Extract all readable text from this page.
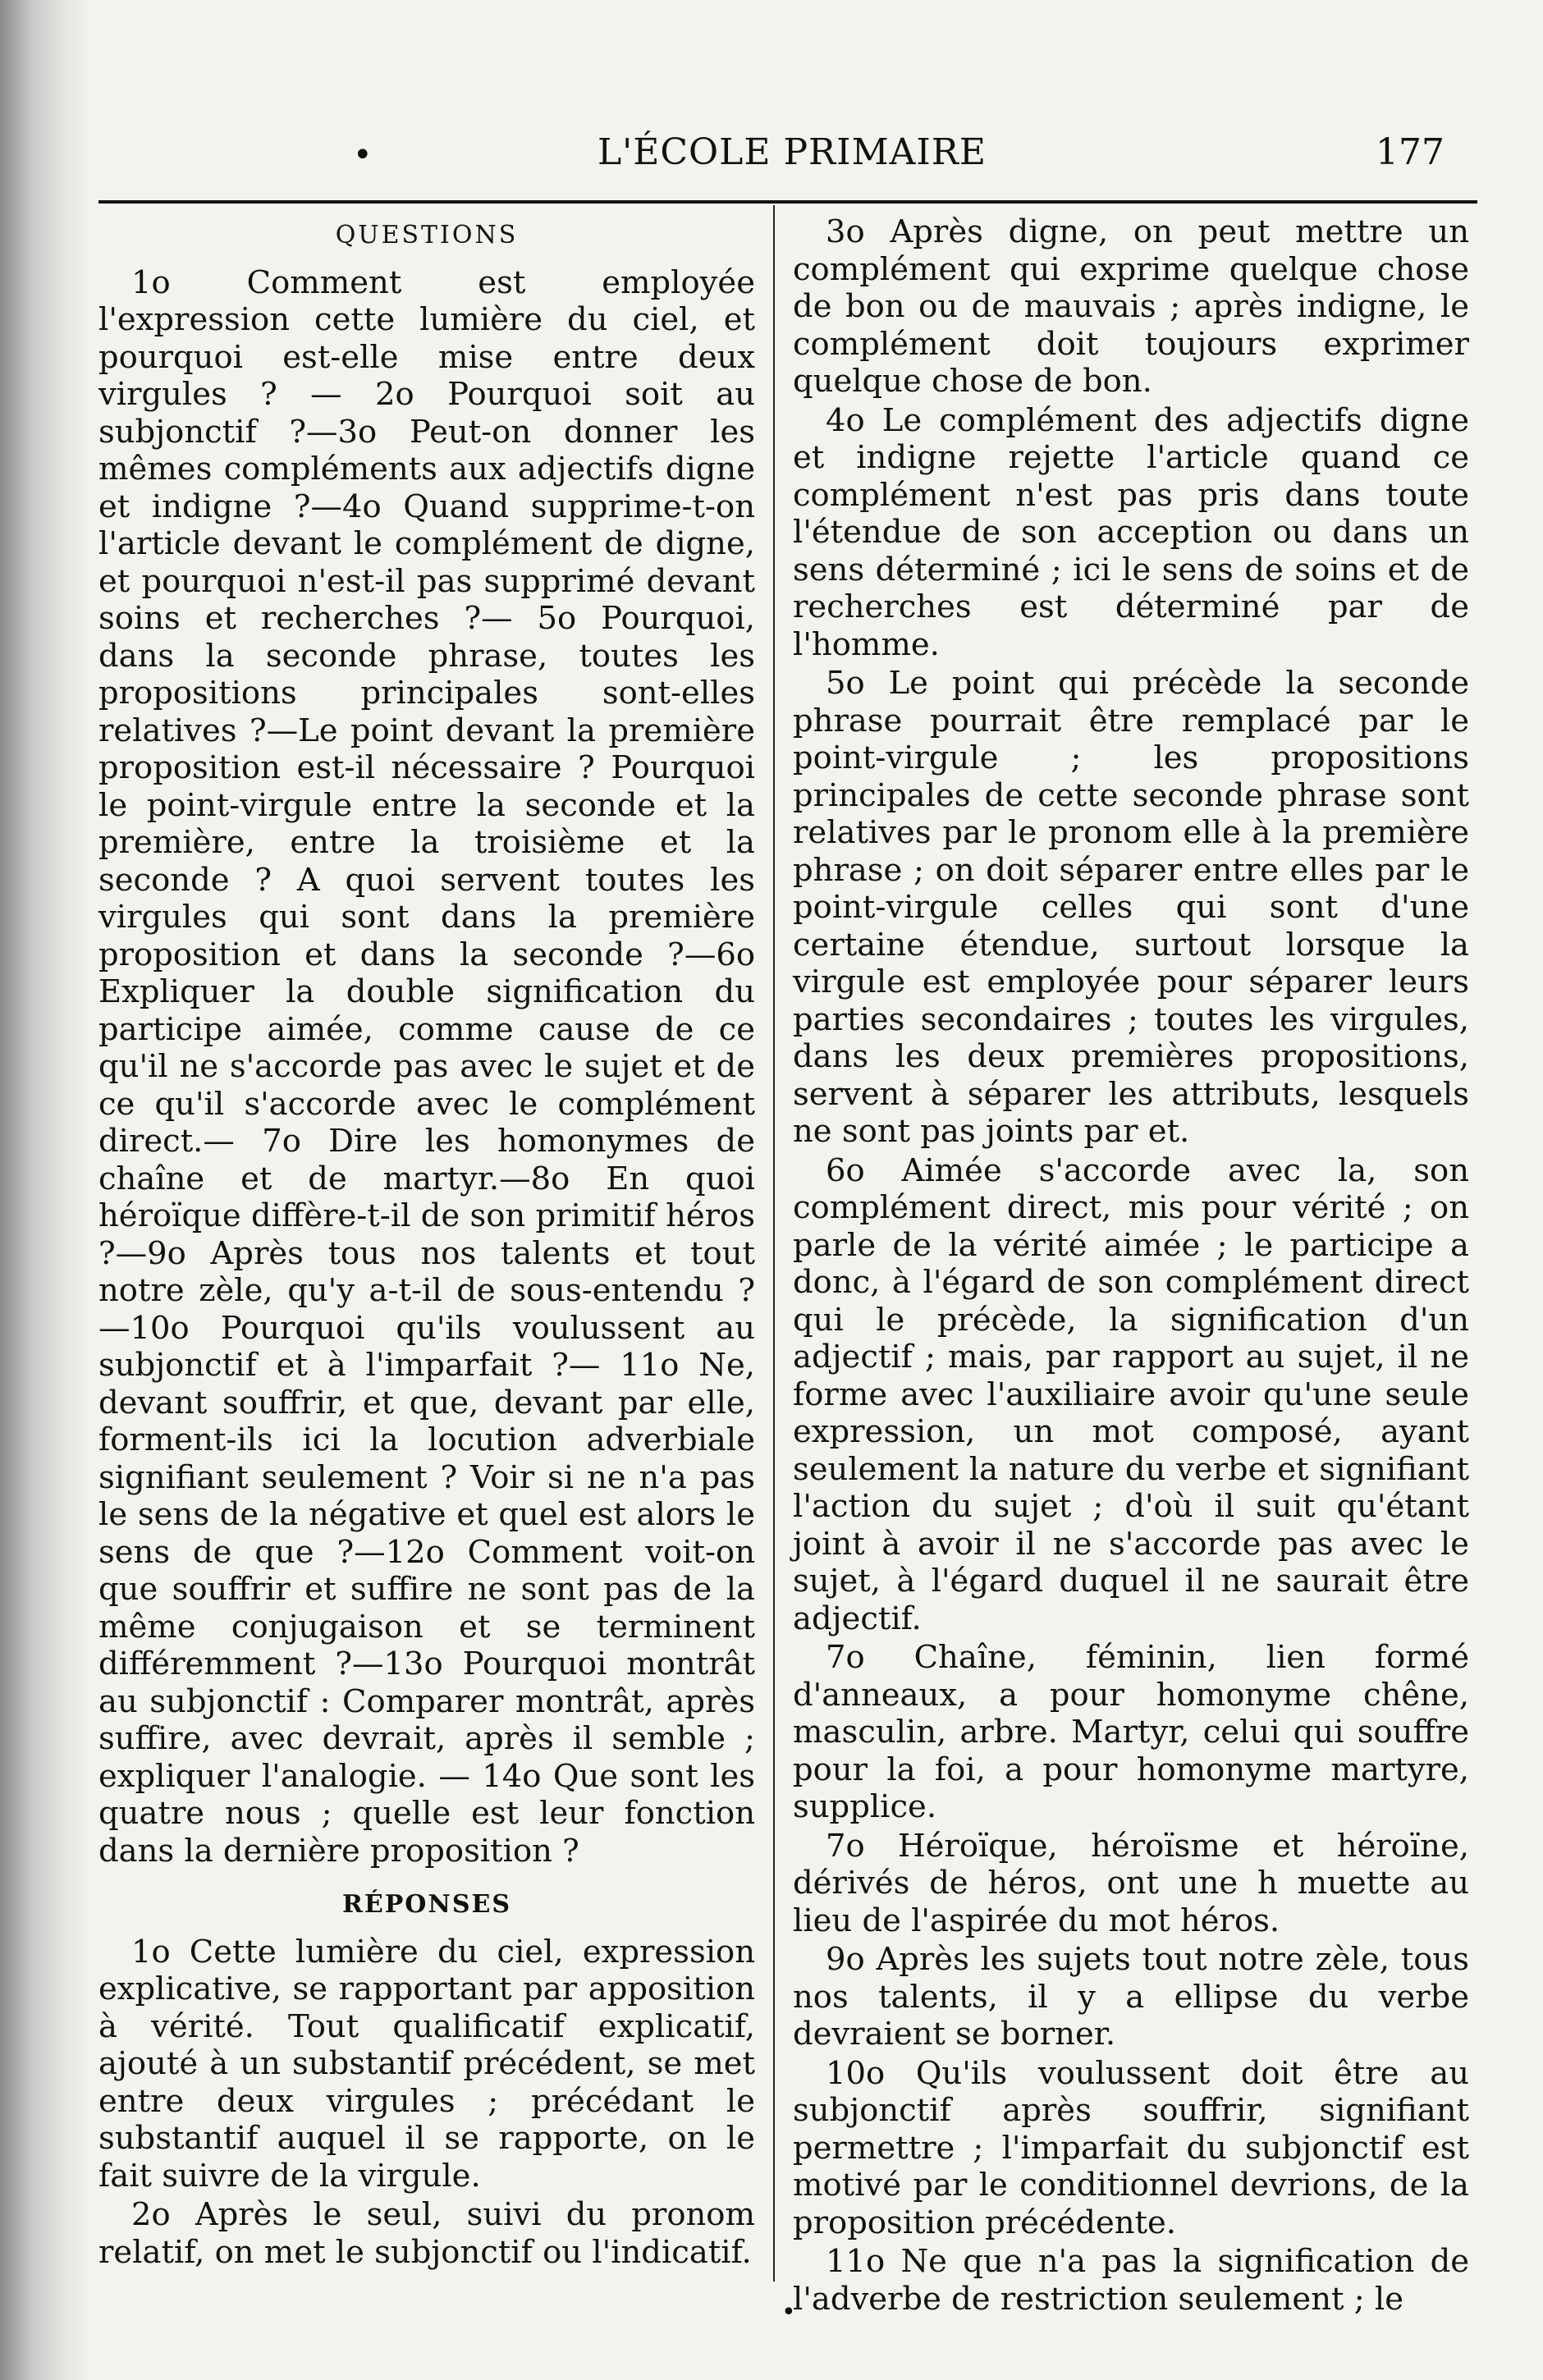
•	L'ÉCOLE PRIMAIRE	177
QUESTIONS

1o Comment est employée l'expression cette lumière du ciel, et pourquoi est-elle mise entre deux virgules ? — 2o Pourquoi soit au subjonctif ?—3o Peut-on donner les mêmes compléments aux adjectifs digne et indigne ?—4o Quand supprime-t-on l'article devant le complément de digne, et pourquoi n'est-il pas supprimé devant soins et recherches ?— 5o Pourquoi, dans la seconde phrase, toutes les propositions principales sont-elles relatives ?—Le point devant la première proposition est-il nécessaire ? Pourquoi le point-virgule entre la seconde et la première, entre la troisième et la seconde ? A quoi servent toutes les virgules qui sont dans la première proposition et dans la seconde ?—6o Expliquer la double signification du participe aimée, comme cause de ce qu'il ne s'accorde pas avec le sujet et de ce qu'il s'accorde avec le complément direct.— 7o Dire les homonymes de chaîne et de martyr.—8o En quoi héroïque diffère-t-il de son primitif héros ?—9o Après tous nos talents et tout notre zèle, qu'y a-t-il de sous-entendu ?—10o Pourquoi qu'ils voulussent au subjonctif et à l'imparfait ?— 11o Ne, devant souffrir, et que, devant par elle, forment-ils ici la locution adverbiale signifiant seulement ? Voir si ne n'a pas le sens de la négative et quel est alors le sens de que ?—12o Comment voit-on que souffrir et suffire ne sont pas de la même conjugaison et se terminent différemment ?—13o Pourquoi montrât au subjonctif : Comparer montrât, après suffire, avec devrait, après il semble ; expliquer l'analogie. — 14o Que sont les quatre nous ; quelle est leur fonction dans la dernière proposition ?

RÉPONSES

1o Cette lumière du ciel, expression explicative, se rapportant par apposition à vérité. Tout qualificatif explicatif, ajouté à un substantif précédent, se met entre deux virgules ; précédant le substantif auquel il se rapporte, on le fait suivre de la virgule.

2o Après le seul, suivi du pronom relatif, on met le subjonctif ou l'indicatif.

3o Après digne, on peut mettre un complément qui exprime quelque chose de bon ou de mauvais ; après indigne, le complément doit toujours exprimer quelque chose de bon.

4o Le complément des adjectifs digne et indigne rejette l'article quand ce complément n'est pas pris dans toute l'étendue de son acception ou dans un sens déterminé ; ici le sens de soins et de recherches est déterminé par de l'homme.

5o Le point qui précède la seconde phrase pourrait être remplacé par le point-virgule ; les propositions principales de cette seconde phrase sont relatives par le pronom elle à la première phrase ; on doit séparer entre elles par le point-virgule celles qui sont d'une certaine étendue, surtout lorsque la virgule est employée pour séparer leurs parties secondaires ; toutes les virgules, dans les deux premières propositions, servent à séparer les attributs, lesquels ne sont pas joints par et.

6o Aimée s'accorde avec la, son complément direct, mis pour vérité ; on parle de la vérité aimée ; le participe a donc, à l'égard de son complément direct qui le précède, la signification d'un adjectif ; mais, par rapport au sujet, il ne forme avec l'auxiliaire avoir qu'une seule expression, un mot composé, ayant seulement la nature du verbe et signifiant l'action du sujet ; d'où il suit qu'étant joint à avoir il ne s'accorde pas avec le sujet, à l'égard duquel il ne saurait être adjectif.

7o Chaîne, féminin, lien formé d'anneaux, a pour homonyme chêne, masculin, arbre. Martyr, celui qui souffre pour la foi, a pour homonyme martyre, supplice.

7o Héroïque, héroïsme et héroïne, dérivés de héros, ont une h muette au lieu de l'aspirée du mot héros.

9o Après les sujets tout notre zèle, tous nos talents, il y a ellipse du verbe devraient se borner.

10o Qu'ils voulussent doit être au subjonctif après souffrir, signifiant permettre ; l'imparfait du subjonctif est motivé par le conditionnel devrions, de la proposition précédente.

11o Ne que n'a pas la signification de l'adverbe de restriction seulement ; le

•
